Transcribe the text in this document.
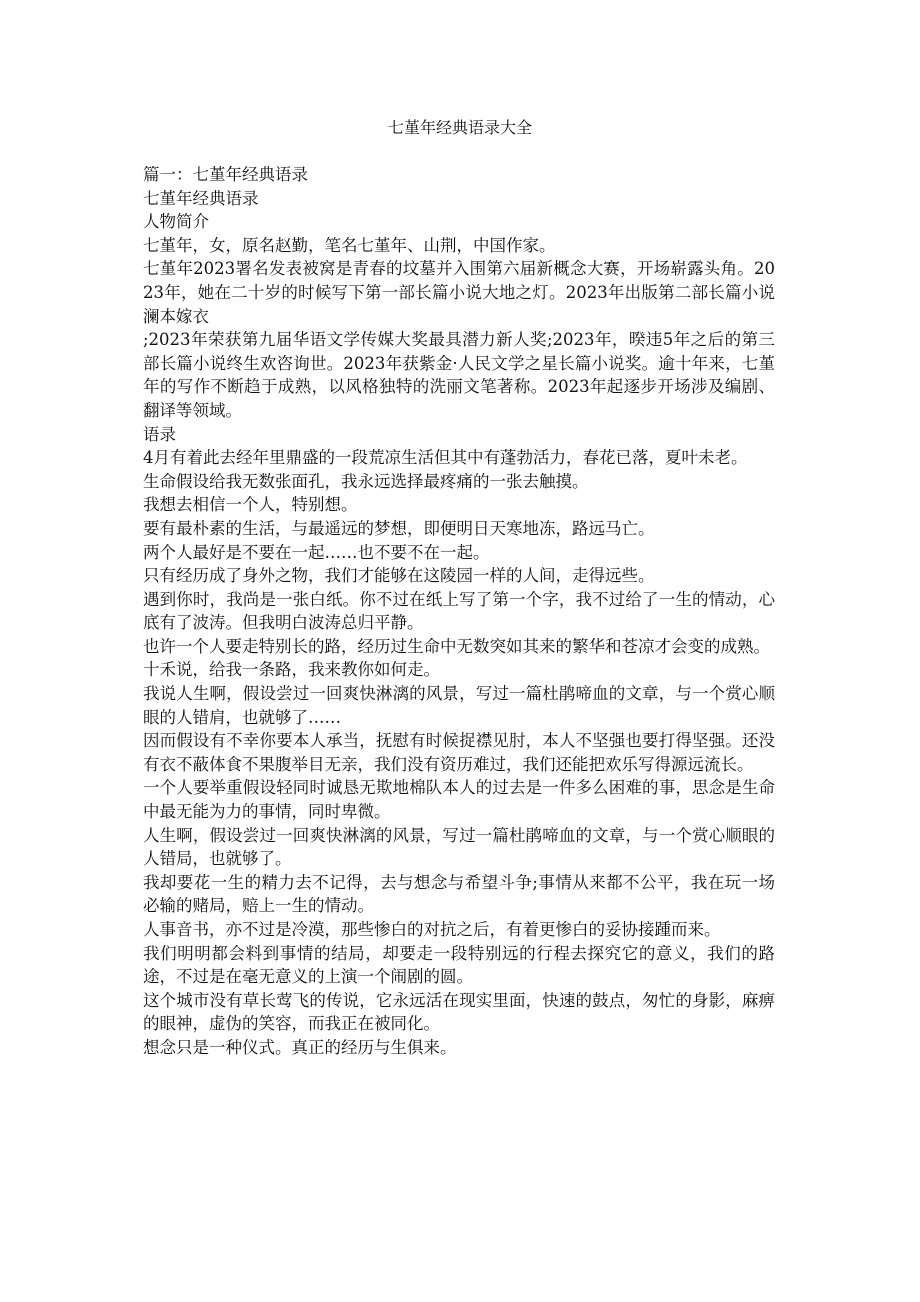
七堇年经典语录大全

篇一：七堇年经典语录

七堇年经典语录

人物简介

七堇年，女，原名赵勤，笔名七堇年、山荆，中国作家。

七堇年2023署名发表被窝是青春的坟墓并入围第六届新概念大赛，开场崭露头角。2023年，她在二十岁的时候写下第一部长篇小说大地之灯。2023年出版第二部长篇小说澜本嫁衣

;2023年荣获第九届华语文学传媒大奖最具潜力新人奖;2023年，暌违5年之后的第三部长篇小说终生欢咨询世。2023年获紫金·人民文学之星长篇小说奖。逾十年来，七堇年的写作不断趋于成熟，以风格独特的洗丽文笔著称。2023年起逐步开场涉及编剧、翻译等领域。

语录

4月有着此去经年里鼎盛的一段荒凉生活但其中有蓬勃活力，春花已落，夏叶未老。

生命假设给我无数张面孔，我永远选择最疼痛的一张去触摸。

我想去相信一个人，特别想。

要有最朴素的生活，与最遥远的梦想，即便明日天寒地冻，路远马亡。

两个人最好是不要在一起……也不要不在一起。

只有经历成了身外之物，我们才能够在这陵园一样的人间，走得远些。

遇到你时，我尚是一张白纸。你不过在纸上写了第一个字，我不过给了一生的情动，心底有了波涛。但我明白波涛总归平静。

也许一个人要走特别长的路，经历过生命中无数突如其来的繁华和苍凉才会变的成熟。

十禾说，给我一条路，我来教你如何走。

我说人生啊，假设尝过一回爽快淋漓的风景，写过一篇杜鹃啼血的文章，与一个赏心顺眼的人错肩，也就够了……

因而假设有不幸你要本人承当，抚慰有时候捉襟见肘，本人不坚强也要打得坚强。还没有衣不蔽体食不果腹举目无亲，我们没有资历难过，我们还能把欢乐写得源远流长。

一个人要举重假设轻同时诚恳无欺地棉队本人的过去是一件多么困难的事，思念是生命中最无能为力的事情，同时卑微。

人生啊，假设尝过一回爽快淋漓的风景，写过一篇杜鹃啼血的文章，与一个赏心顺眼的人错局，也就够了。

我却要花一生的精力去不记得，去与想念与希望斗争;事情从来都不公平，我在玩一场必输的赌局，赔上一生的情动。

人事音书，亦不过是冷漠，那些惨白的对抗之后，有着更惨白的妥协接踵而来。

我们明明都会料到事情的结局，却要走一段特别远的行程去探究它的意义，我们的路途，不过是在毫无意义的上演一个闹剧的圆。

这个城市没有草长莺飞的传说，它永远活在现实里面，快速的鼓点，匆忙的身影，麻痹的眼神，虚伪的笑容，而我正在被同化。

想念只是一种仪式。真正的经历与生俱来。
